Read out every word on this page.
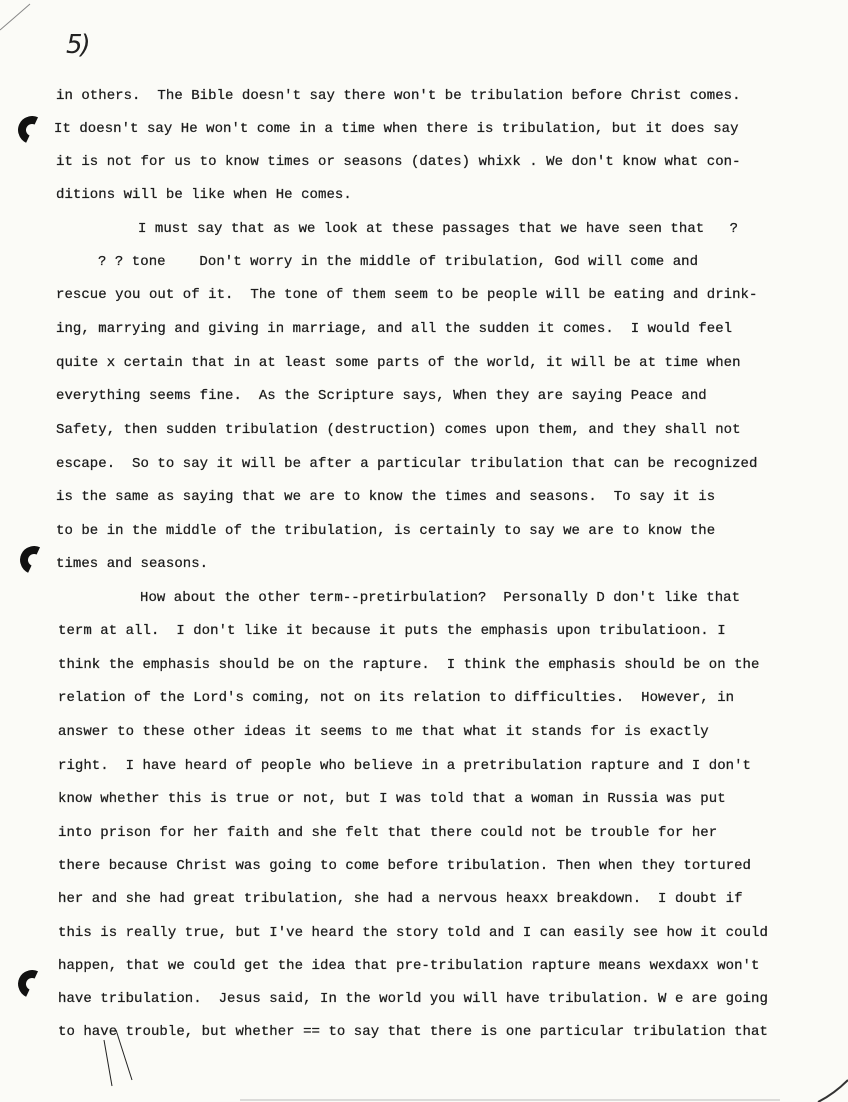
5)
in others.  The Bible doesn't say there won't be tribulation before Christ comes.
It doesn't say He won't come in a time when there is tribulation, but it does say
it is not for us to know times or seasons (dates) whixk . We don't know what con-
ditions will be like when He comes.
I must say that as we look at these passages that we have seen that   ?
? ? tone    Don't worry in the middle of tribulation, God will come and
rescue you out of it.  The tone of them seem to be people will be eating and drink-
ing, marrying and giving in marriage, and all the sudden it comes.  I would feel
quite x certain that in at least some parts of the world, it will be at time when
everything seems fine.  As the Scripture says, When they are saying Peace and
Safety, then sudden tribulation (destruction) comes upon them, and they shall not
escape.  So to say it will be after a particular tribulation that can be recognized
is the same as saying that we are to know the times and seasons.  To say it is
to be in the middle of the tribulation, is certainly to say we are to know the
times and seasons.
How about the other term--pretirbulation?  Personally D don't like that
term at all.  I don't like it because it puts the emphasis upon tribulatioon. I
think the emphasis should be on the rapture.  I think the emphasis should be on the
relation of the Lord's coming, not on its relation to difficulties.  However, in
answer to these other ideas it seems to me that what it stands for is exactly
right.  I have heard of people who believe in a pretribulation rapture and I don't
know whether this is true or not, but I was told that a woman in Russia was put
into prison for her faith and she felt that there could not be trouble for her
there because Christ was going to come before tribulation. Then when they tortured
her and she had great tribulation, she had a nervous heaxx breakdown.  I doubt if
this is really true, but I've heard the story told and I can easily see how it could
happen, that we could get the idea that pre-tribulation rapture means wexdaxx won't
have tribulation.  Jesus said, In the world you will have tribulation. W e are going
to have trouble, but whether == to say that there is one particular tribulation that
